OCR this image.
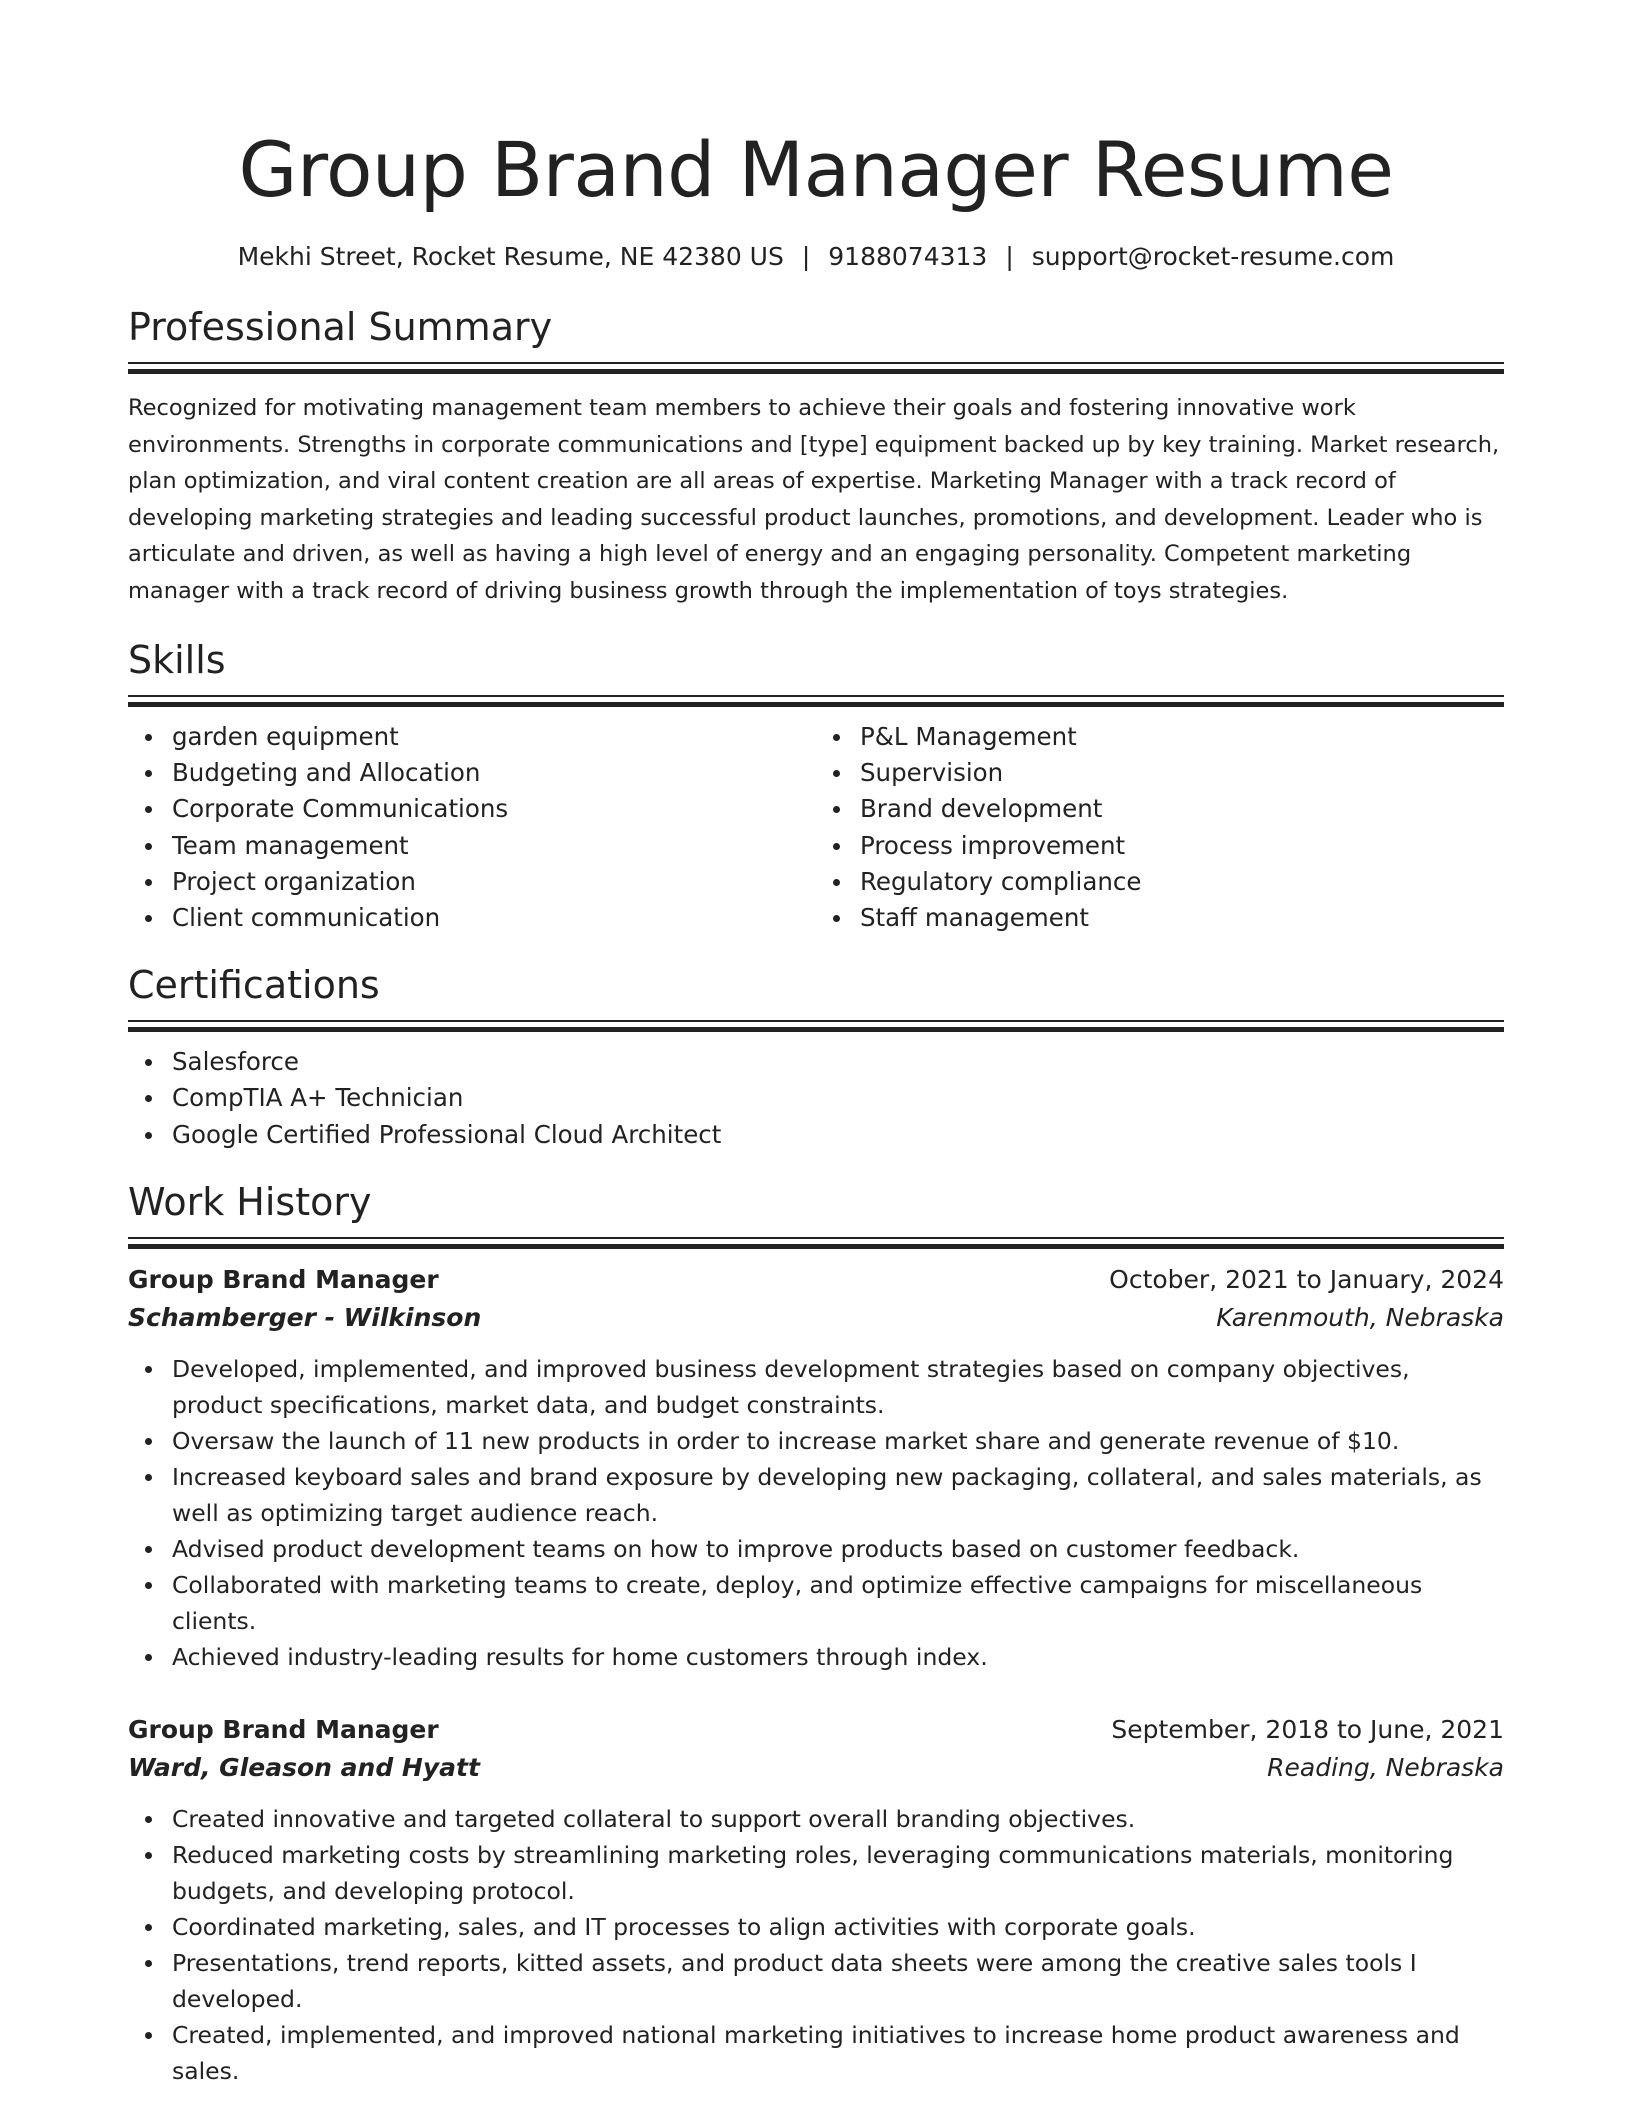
Group Brand Manager Resume
Mekhi Street, Rocket Resume, NE 42380 US | 9188074313 | support@rocket-resume.com
Professional Summary
Recognized for motivating management team members to achieve their goals and fostering innovative work environments. Strengths in corporate communications and [type] equipment backed up by key training. Market research, plan optimization, and viral content creation are all areas of expertise. Marketing Manager with a track record of developing marketing strategies and leading successful product launches, promotions, and development. Leader who is articulate and driven, as well as having a high level of energy and an engaging personality. Competent marketing manager with a track record of driving business growth through the implementation of toys strategies.
Skills
garden equipment
Budgeting and Allocation
Corporate Communications
Team management
Project organization
Client communication
P&L Management
Supervision
Brand development
Process improvement
Regulatory compliance
Staff management
Certifications
Salesforce
CompTIA A+ Technician
Google Certified Professional Cloud Architect
Work History
Group Brand Manager	October, 2021 to January, 2024
Schamberger - Wilkinson	Karenmouth, Nebraska
Developed, implemented, and improved business development strategies based on company objectives, product specifications, market data, and budget constraints.
Oversaw the launch of 11 new products in order to increase market share and generate revenue of $10.
Increased keyboard sales and brand exposure by developing new packaging, collateral, and sales materials, as well as optimizing target audience reach.
Advised product development teams on how to improve products based on customer feedback.
Collaborated with marketing teams to create, deploy, and optimize effective campaigns for miscellaneous clients.
Achieved industry-leading results for home customers through index.
Group Brand Manager	September, 2018 to June, 2021
Ward, Gleason and Hyatt	Reading, Nebraska
Created innovative and targeted collateral to support overall branding objectives.
Reduced marketing costs by streamlining marketing roles, leveraging communications materials, monitoring budgets, and developing protocol.
Coordinated marketing, sales, and IT processes to align activities with corporate goals.
Presentations, trend reports, kitted assets, and product data sheets were among the creative sales tools I developed.
Created, implemented, and improved national marketing initiatives to increase home product awareness and sales.
